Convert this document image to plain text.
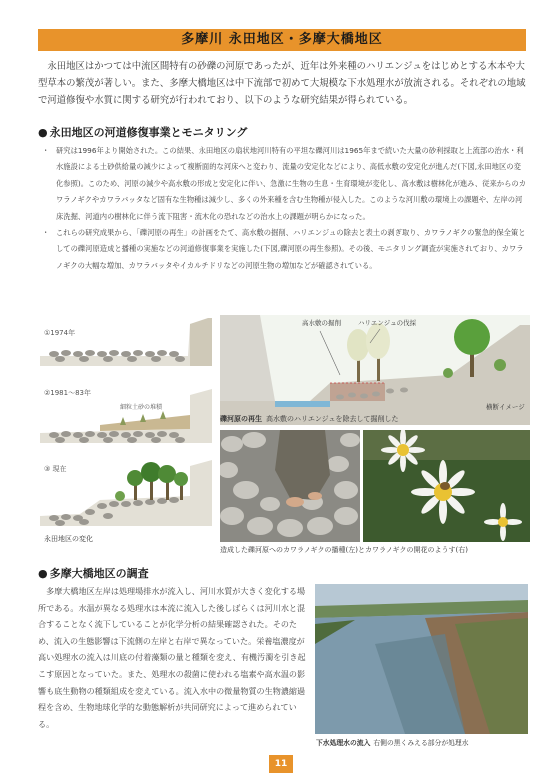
多摩川 永田地区・多摩大橋地区

永田地区はかつては中流区間特有の砂礫の河原であったが、近年は外来種のハリエンジュをはじめとする木本や大型草本の繁茂が著しい。また、多摩大橋地区は中下流部で初めて大規模な下水処理水が放流される。それぞれの地域で河道修復や水質に関する研究が行われており、以下のような研究結果が得られている。

● 永田地区の河道修復事業とモニタリング
・ 研究は1996年より開始された。この結果、永田地区の扇状地河川特有の平坦な礫河川は1965年まで続いた大量の砂利採取と上流部の治水・利水施設による土砂供給量の減少によって複断面的な河床へと変わり、流量の安定化などにより、高低水敷の安定化が進んだ(下図,永田地区の変化参照)。このため、河原の減少や高水敷の形成と安定化に伴い、急激に生物の生息・生育環境が変化し、高水敷は樹林化が進み、従来からのカワラノギクやカワラバッタなど固有な生物種は減少し、多くの外来種を含む生物種が侵入した。このような河川敷の環境上の課題や、左岸の河床洗掘、河道内の樹林化に伴う流下阻害・流木化の恐れなどの治水上の課題が明らかになった。
・ これらの研究成果から、「礫河原の再生」の計画をたて、高水敷の掘削、ハリエンジュの除去と表土の剥ぎ取り、カワラノギクの緊急的保全策としての礫河原造成と播種の実施などの河道修復事業を実施した(下図,礫河原の再生参照)。その後、モニタリング調査が実施されており、カワラノギクの大幅な増加、カワラバッタやイカルチドリなどの河原生物の増加などが確認されている。
①1974年
②1981～83年
細粒土砂の堆積
③ 現在
永田地区の変化
高水敷の掘削	ハリエンジュの伐採
横断イメージ
礫河原の再生 高水敷のハリエンジュを除去して掘削した
造成した礫河原へのカワラノギクの播種(左)とカワラノギクの開花のようす(右)
● 多摩大橋地区の調査

多摩大橋地区左岸は処理場排水が流入し、河川水質が大きく変化する場所である。水温が異なる処理水は本流に流入した後しばらくは河川水と混合することなく流下していることが化学分析の結果確認された。そのため、流入の生態影響は下流側の左岸と右岸で異なっていた。栄養塩濃度が高い処理水の流入は川底の付着藻類の量と種類を変え、有機汚濁を引き起こす原因となっていた。また、処理水の殺菌に使われる塩素や高水温の影響も底生動物の種類組成を変えている。流入水中の微量物質の生物濃縮過程を含め、生物地球化学的な動態解析が共同研究によって進められている。

下水処理水の流入 右側の黒くみえる部分が処理水
11
